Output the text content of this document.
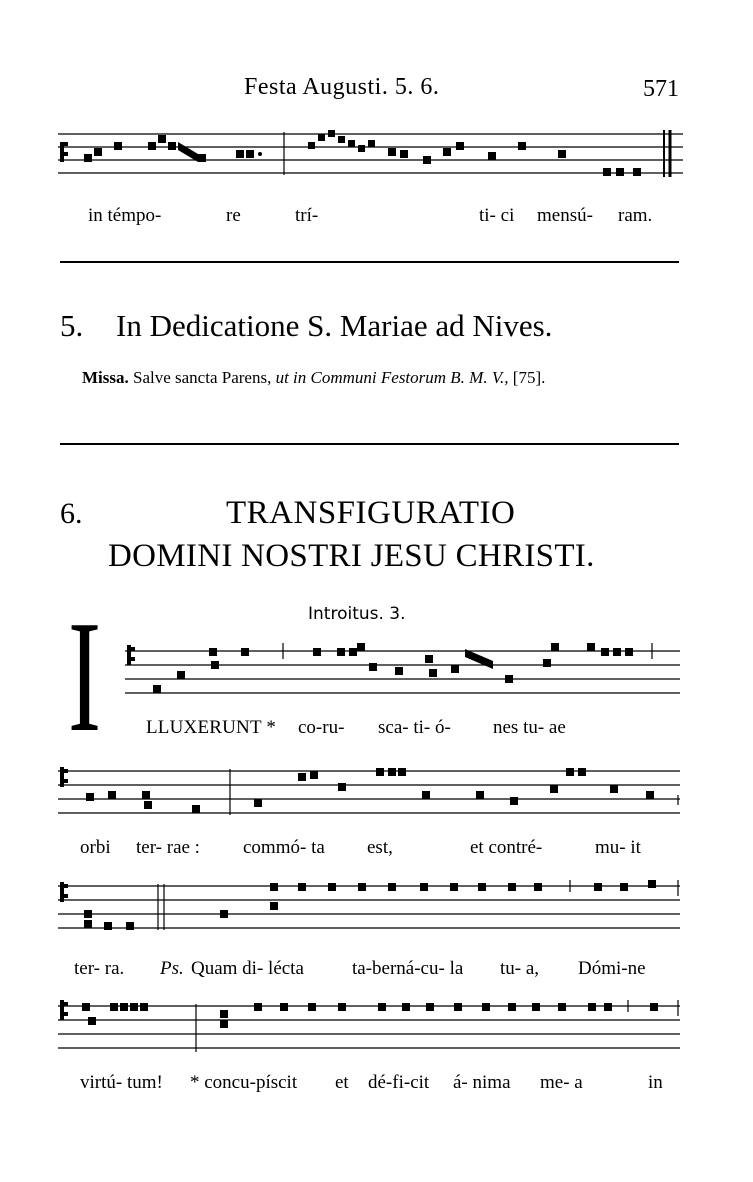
Festa Augusti. 5. 6.	571
in témpo-	re	trí-	ti- ci mensú- ram.
5. In Dedicatione S. Mariae ad Nives.
Missa. Salve sancta Parens, ut in Communi Festorum B. M. V., [75].
6.	TRANSFIGURATIO
DOMINI NOSTRI JESU CHRISTI.
Introitus. 3.
I LLUXERUNT * co-ru- sca- ti- ó- nes tu- ae
orbi ter- rae : commó- ta est,	et contré-	mu- it
ter- ra. Ps. Quam di- lécta	ta-berná-cu- la tu- a, Dómi-ne
virtú- tum! * concu-píscit et dé-fi-cit á- nima me- a	in
